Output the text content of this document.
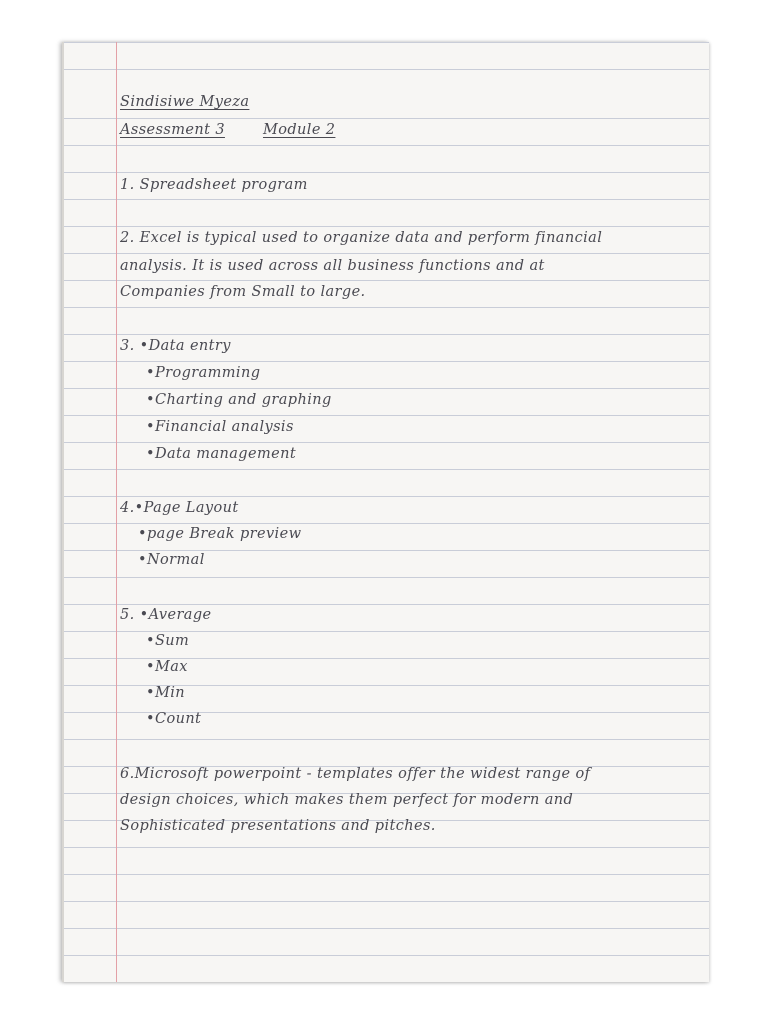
Sindisiwe Myeza
Assessment 3	Module 2
1. Spreadsheet program
2. Excel is typical used to organize data and perform financial
analysis. It is used across all business functions and at
Companies from Small to large.
3. •Data entry
•Programming
•Charting and graphing
•Financial analysis
•Data management
4.•Page Layout
•page Break preview
•Normal
5. •Average
•Sum
•Max
•Min
•Count
6.Microsoft powerpoint - templates offer the widest range of
design choices, which makes them perfect for modern and
Sophisticated presentations and pitches.
